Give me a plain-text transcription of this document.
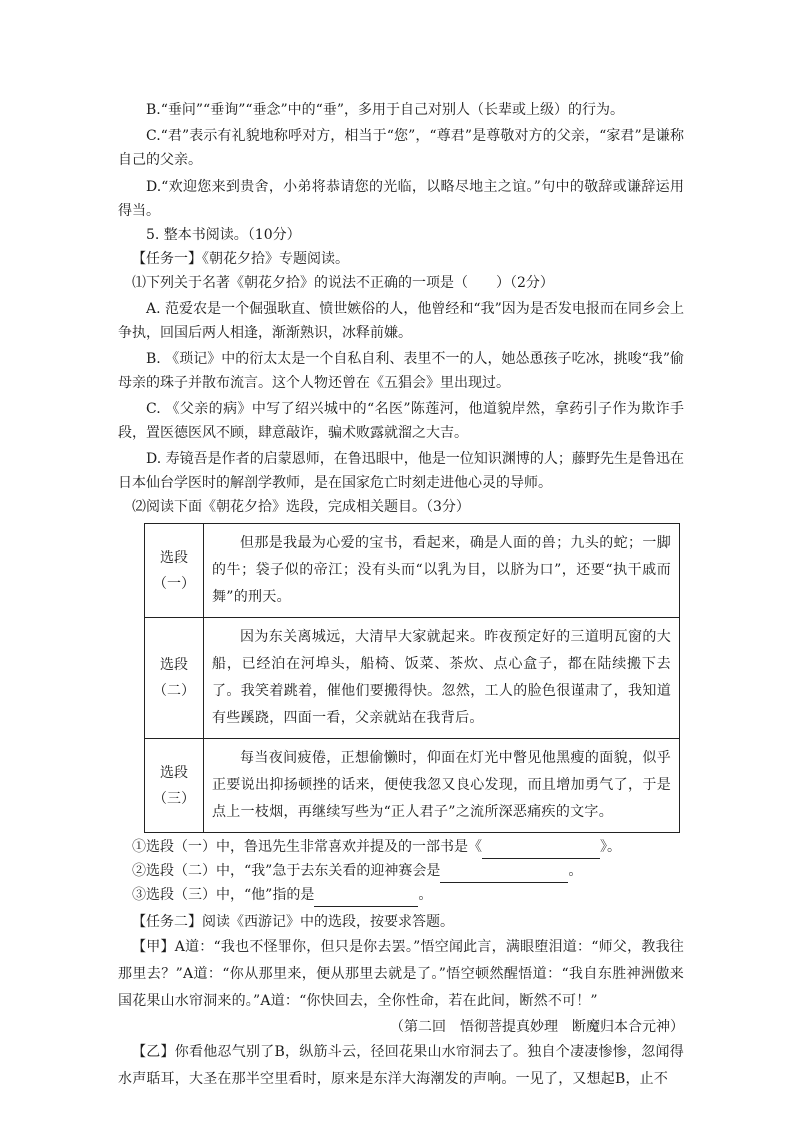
B.“垂问”“垂询”“垂念”中的“垂”，多用于自己对别人（长辈或上级）的行为。
C.“君”表示有礼貌地称呼对方，相当于“您”，“尊君”是尊敬对方的父亲，“家君”是谦称自己的父亲。
D.“欢迎您来到贵舍，小弟将恭请您的光临，以略尽地主之谊。”句中的敬辞或谦辞运用得当。
5. 整本书阅读。（10分）
【任务一】《朝花夕拾》专题阅读。
⑴下列关于名著《朝花夕拾》的说法不正确的一项是（　　）（2分）
A. 范爱农是一个倔强耿直、愤世嫉俗的人，他曾经和“我”因为是否发电报而在同乡会上争执，回国后两人相逢，渐渐熟识，冰释前嫌。
B. 《琐记》中的衍太太是一个自私自利、表里不一的人，她怂恿孩子吃冰，挑唆“我”偷母亲的珠子并散布流言。这个人物还曾在《五猖会》里出现过。
C. 《父亲的病》中写了绍兴城中的“名医”陈莲河，他道貌岸然，拿药引子作为欺诈手段，置医德医风不顾，肆意敲诈，骗术败露就溜之大吉。
D. 寿镜吾是作者的启蒙恩师，在鲁迅眼中，他是一位知识渊博的人；藤野先生是鲁迅在日本仙台学医时的解剖学教师，是在国家危亡时刻走进他心灵的导师。
⑵阅读下面《朝花夕拾》选段，完成相关题目。（3分）
选段
（一）	但那是我最为心爱的宝书，看起来，确是人面的兽；九头的蛇；一脚的牛；袋子似的帝江；没有头而“以乳为目，以脐为口”，还要“执干戚而舞”的刑天。

选段
（二）	因为东关离城远，大清早大家就起来。昨夜预定好的三道明瓦窗的大船，已经泊在河埠头，船椅、饭菜、茶炊、点心盒子，都在陆续搬下去了。我笑着跳着，催他们要搬得快。忽然，工人的脸色很谨肃了，我知道有些蹊跷，四面一看，父亲就站在我背后。

选段
（三）	每当夜间疲倦，正想偷懒时，仰面在灯光中瞥见他黑瘦的面貌，似乎正要说出抑扬顿挫的话来，便使我忽又良心发现，而且增加勇气了，于是点上一枝烟，再继续写些为“正人君子”之流所深恶痛疾的文字。
①选段（一）中，鲁迅先生非常喜欢并提及的一部书是《	》。
②选段（二）中，“我”急于去东关看的迎神赛会是	。
③选段（三）中，“他”指的是	。
【任务二】阅读《西游记》中的选段，按要求答题。
【甲】A道：“我也不怪罪你，但只是你去罢。”悟空闻此言，满眼堕泪道：“师父，教我往那里去？”A道：“你从那里来，便从那里去就是了。”悟空顿然醒悟道：“我自东胜神洲傲来国花果山水帘洞来的。”A道：“你快回去，全你性命，若在此间，断然不可！”
（第二回　悟彻菩提真妙理　断魔归本合元神）
【乙】你看他忍气别了B，纵筋斗云，径回花果山水帘洞去了。独自个凄凄惨惨，忽闻得水声聒耳，大圣在那半空里看时，原来是东洋大海潮发的声响。一见了，又想起B，止不
